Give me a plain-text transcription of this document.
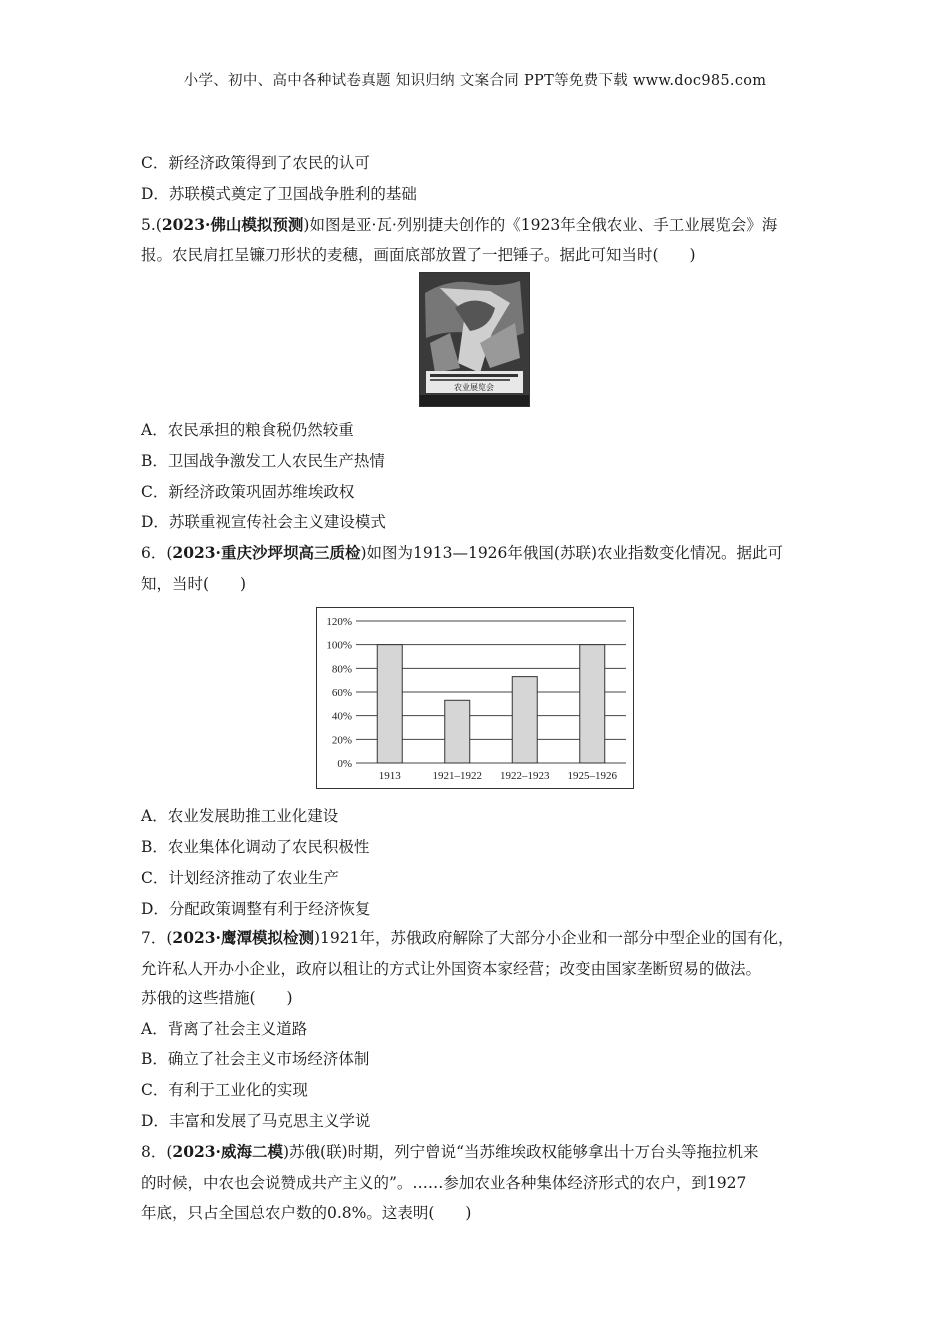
小学、初中、高中各种试卷真题 知识归纳 文案合同 PPT等免费下载 www.doc985.com
C．新经济政策得到了农民的认可
D．苏联模式奠定了卫国战争胜利的基础
5.(2023·佛山模拟预测)如图是亚·瓦·列别捷夫创作的《1923年全俄农业、手工业展览会》海
报。农民肩扛呈镰刀形状的麦穗，画面底部放置了一把锤子。据此可知当时(　　)
农业展览会
A．农民承担的粮食税仍然较重
B．卫国战争激发工人农民生产热情
C．新经济政策巩固苏维埃政权
D．苏联重视宣传社会主义建设模式
6．(2023·重庆沙坪坝高三质检)如图为1913—1926年俄国(苏联)农业指数变化情况。据此可
知，当时(　　)
0%
20%
40%
60%
80%
100%
120%
1913	1921–1922 1922–1923 1925–1926
A．农业发展助推工业化建设
B．农业集体化调动了农民积极性
C．计划经济推动了农业生产
D．分配政策调整有利于经济恢复
7．(2023·鹰潭模拟检测)1921年，苏俄政府解除了大部分小企业和一部分中型企业的国有化，
允许私人开办小企业，政府以租让的方式让外国资本家经营；改变由国家垄断贸易的做法。
苏俄的这些措施(　　)
A．背离了社会主义道路
B．确立了社会主义市场经济体制
C．有利于工业化的实现
D．丰富和发展了马克思主义学说
8．(2023·威海二模)苏俄(联)时期，列宁曾说“当苏维埃政权能够拿出十万台头等拖拉机来
的时候，中农也会说赞成共产主义的”。……参加农业各种集体经济形式的农户，到1927
年底，只占全国总农户数的0.8%。这表明(　　)
